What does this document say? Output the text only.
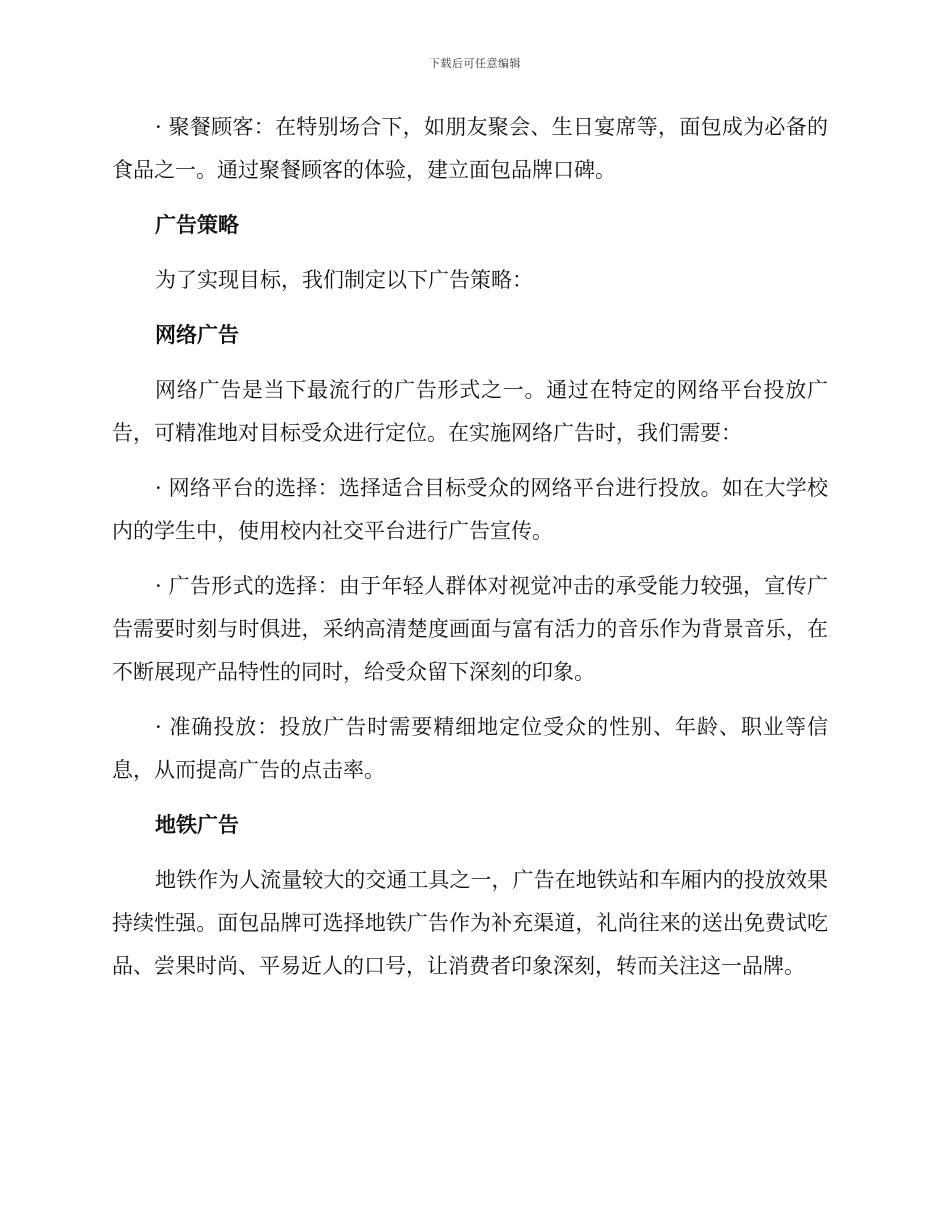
下载后可任意编辑

· 聚餐顾客：在特别场合下，如朋友聚会、生日宴席等，面包成为必备的食品之一。通过聚餐顾客的体验，建立面包品牌口碑。

广告策略

为了实现目标，我们制定以下广告策略：

网络广告

网络广告是当下最流行的广告形式之一。通过在特定的网络平台投放广告，可精准地对目标受众进行定位。在实施网络广告时，我们需要：

· 网络平台的选择：选择适合目标受众的网络平台进行投放。如在大学校内的学生中，使用校内社交平台进行广告宣传。

· 广告形式的选择：由于年轻人群体对视觉冲击的承受能力较强，宣传广告需要时刻与时俱进，采纳高清楚度画面与富有活力的音乐作为背景音乐，在不断展现产品特性的同时，给受众留下深刻的印象。

· 准确投放：投放广告时需要精细地定位受众的性别、年龄、职业等信息，从而提高广告的点击率。

地铁广告

地铁作为人流量较大的交通工具之一，广告在地铁站和车厢内的投放效果持续性强。面包品牌可选择地铁广告作为补充渠道，礼尚往来的送出免费试吃品、尝果时尚、平易近人的口号，让消费者印象深刻，转而关注这一品牌。
